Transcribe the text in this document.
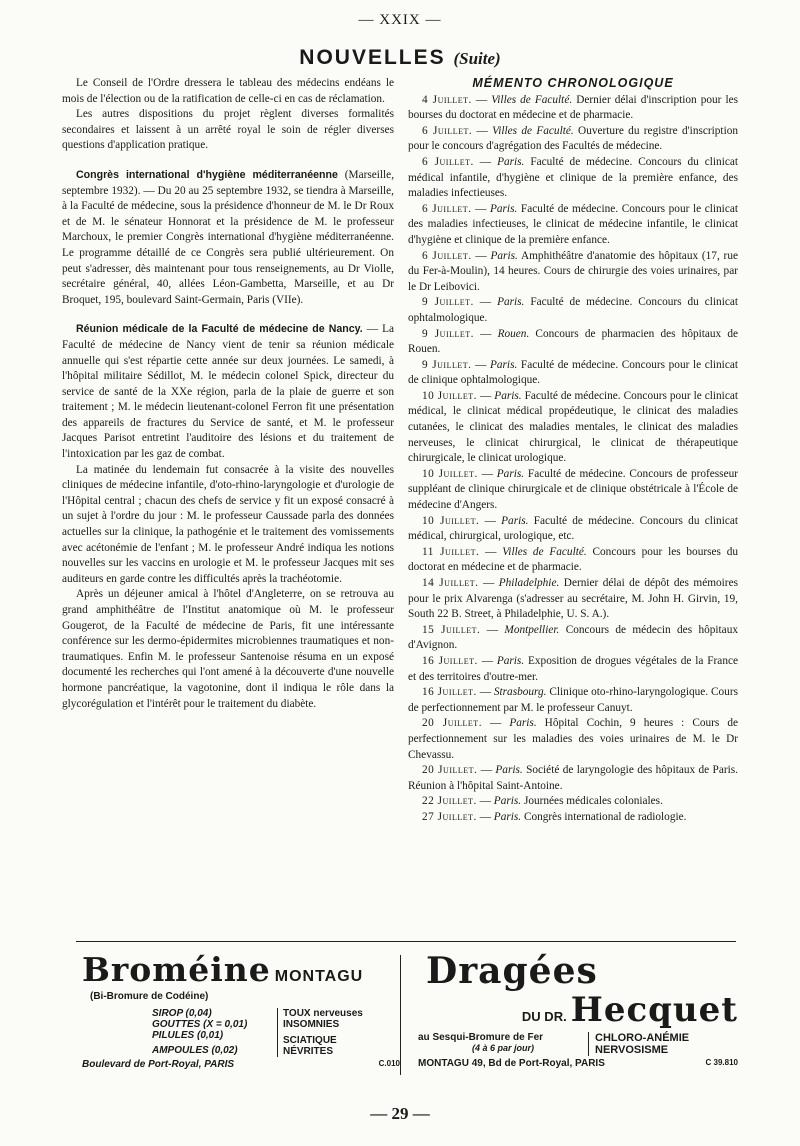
— XXIX —
NOUVELLES (Suite)

Le Conseil de l'Ordre dressera le tableau des médecins endéans le mois de l'élection ou de la ratification de celle-ci en cas de réclamation.

Les autres dispositions du projet règlent diverses formalités secondaires et laissent à un arrêté royal le soin de régler diverses questions d'application pratique.

Congrès international d'hygiène méditerranéenne (Marseille, septembre 1932). — Du 20 au 25 septembre 1932, se tiendra à Marseille, à la Faculté de médecine, sous la présidence d'honneur de M. le Dr Roux et de M. le sénateur Honnorat et la présidence de M. le professeur Marchoux, le premier Congrès international d'hygiène méditerranéenne. Le programme détaillé de ce Congrès sera publié ultérieurement. On peut s'adresser, dès maintenant pour tous renseignements, au Dr Violle, secrétaire général, 40, allées Léon-Gambetta, Marseille, et au Dr Broquet, 195, boulevard Saint-Germain, Paris (VIIe).

Réunion médicale de la Faculté de médecine de Nancy. — La Faculté de médecine de Nancy vient de tenir sa réunion médicale annuelle qui s'est répartie cette année sur deux journées. Le samedi, à l'hôpital militaire Sédillot, M. le médecin colonel Spick, directeur du service de santé de la XXe région, parla de la plaie de guerre et son traitement ; M. le médecin lieutenant-colonel Ferron fit une présentation des appareils de fractures du Service de santé, et M. le professeur Jacques Parisot entretint l'auditoire des lésions et du traitement de l'intoxication par les gaz de combat.

La matinée du lendemain fut consacrée à la visite des nouvelles cliniques de médecine infantile, d'oto-rhino-laryngologie et d'urologie de l'Hôpital central ; chacun des chefs de service y fit un exposé consacré à un sujet à l'ordre du jour : M. le professeur Caussade parla des données actuelles sur la clinique, la pathogénie et le traitement des vomissements avec acétonémie de l'enfant ; M. le professeur André indiqua les notions nouvelles sur les vaccins en urologie et M. le professeur Jacques mit ses auditeurs en garde contre les difficultés après la trachéotomie.

Après un déjeuner amical à l'hôtel d'Angleterre, on se retrouva au grand amphithéâtre de l'Institut anatomique où M. le professeur Gougerot, de la Faculté de médecine de Paris, fit une intéressante conférence sur les dermo-épidermites microbiennes traumatiques et non-traumatiques. Enfin M. le professeur Santenoise résuma en un exposé documenté les recherches qui l'ont amené à la découverte d'une nouvelle hormone pancréatique, la vagotonine, dont il indiqua le rôle dans la glycorégulation et l'intérêt pour le traitement du diabète.

MÉMENTO CHRONOLOGIQUE

4 Juillet. — Villes de Faculté. Dernier délai d'inscription pour les bourses du doctorat en médecine et de pharmacie.

6 Juillet. — Villes de Faculté. Ouverture du registre d'inscription pour le concours d'agrégation des Facultés de médecine.

6 Juillet. — Paris. Faculté de médecine. Concours du clinicat médical infantile, d'hygiène et clinique de la première enfance, des maladies infectieuses.

6 Juillet. — Paris. Faculté de médecine. Concours pour le clinicat des maladies infectieuses, le clinicat de médecine infantile, le clinicat d'hygiène et clinique de la première enfance.

6 Juillet. — Paris. Amphithéâtre d'anatomie des hôpitaux (17, rue du Fer-à-Moulin), 14 heures. Cours de chirurgie des voies urinaires, par le Dr Leibovici.

9 Juillet. — Paris. Faculté de médecine. Concours du clinicat ophtalmologique.

9 Juillet. — Rouen. Concours de pharmacien des hôpitaux de Rouen.

9 Juillet. — Paris. Faculté de médecine. Concours pour le clinicat de clinique ophtalmologique.

10 Juillet. — Paris. Faculté de médecine. Concours pour le clinicat médical, le clinicat médical propédeutique, le clinicat des maladies cutanées, le clinicat des maladies mentales, le clinicat des maladies nerveuses, le clinicat chirurgical, le clinicat de thérapeutique chirurgicale, le clinicat urologique.

10 Juillet. — Paris. Faculté de médecine. Concours de professeur suppléant de clinique chirurgicale et de clinique obstétricale à l'École de médecine d'Angers.

10 Juillet. — Paris. Faculté de médecine. Concours du clinicat médical, chirurgical, urologique, etc.

11 Juillet. — Villes de Faculté. Concours pour les bourses du doctorat en médecine et de pharmacie.

14 Juillet. — Philadelphie. Dernier délai de dépôt des mémoires pour le prix Alvarenga (s'adresser au secrétaire, M. John H. Girvin, 19, South 22 B. Street, à Philadelphie, U. S. A.).

15 Juillet. — Montpellier. Concours de médecin des hôpitaux d'Avignon.

16 Juillet. — Paris. Exposition de drogues végétales de la France et des territoires d'outre-mer.

16 Juillet. — Strasbourg. Clinique oto-rhino-laryngologique. Cours de perfectionnement par M. le professeur Canuyt.

20 Juillet. — Paris. Hôpital Cochin, 9 heures : Cours de perfectionnement sur les maladies des voies urinaires de M. le Dr Chevassu.

20 Juillet. — Paris. Société de laryngologie des hôpitaux de Paris. Réunion à l'hôpital Saint-Antoine.

22 Juillet. — Paris. Journées médicales coloniales.

27 Juillet. — Paris. Congrès international de radiologie.

Broméine MONTAGU
(Bi-Bromure de Codéine)
SIROP (0,04)
GOUTTES (X = 0,01)
PILULES (0,01)
AMPOULES (0,02)
TOUX nerveuses
INSOMNIES
SCIATIQUE
NÉVRITES
Boulevard de Port-Royal, PARIS	C.010
Dragées
DU DR. Hecquet
au Sesqui-Bromure de Fer
(4 à 6 par jour)
CHLORO-ANÉMIE
NERVOSISME
MONTAGU 49, Bd de Port-Royal, PARIS	C 39.810
— 29 —
